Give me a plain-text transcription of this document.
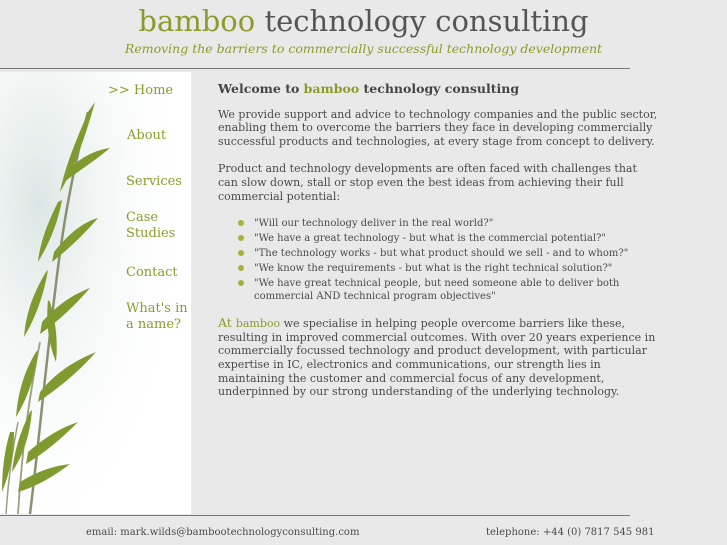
bamboo technology consulting
Removing the barriers to commercially successful technology development
>> Home
About
Services
Case
Studies
Contact
What's in
a name?
Welcome to bamboo technology consulting

We provide support and advice to technology companies and the public sector, enabling them to overcome the barriers they face in developing commercially successful products and technologies, at every stage from concept to delivery.

Product and technology developments are often faced with challenges that can slow down, stall or stop even the best ideas from achieving their full commercial potential:

"Will our technology deliver in the real world?"
"We have a great technology - but what is the commercial potential?"
"The technology works - but what product should we sell - and to whom?"
"We know the requirements - but what is the right technical solution?"
"We have great technical people, but need someone able to deliver both commercial AND technical program objectives"

At bamboo we specialise in helping people overcome barriers like these, resulting in improved commercial outcomes. With over 20 years experience in commercially focussed technology and product development, with particular expertise in IC, electronics and communications, our strength lies in maintaining the customer and commercial focus of any development, underpinned by our strong understanding of the underlying technology.

email: mark.wilds@bambootechnologyconsulting.com	telephone: +44 (0) 7817 545 981
